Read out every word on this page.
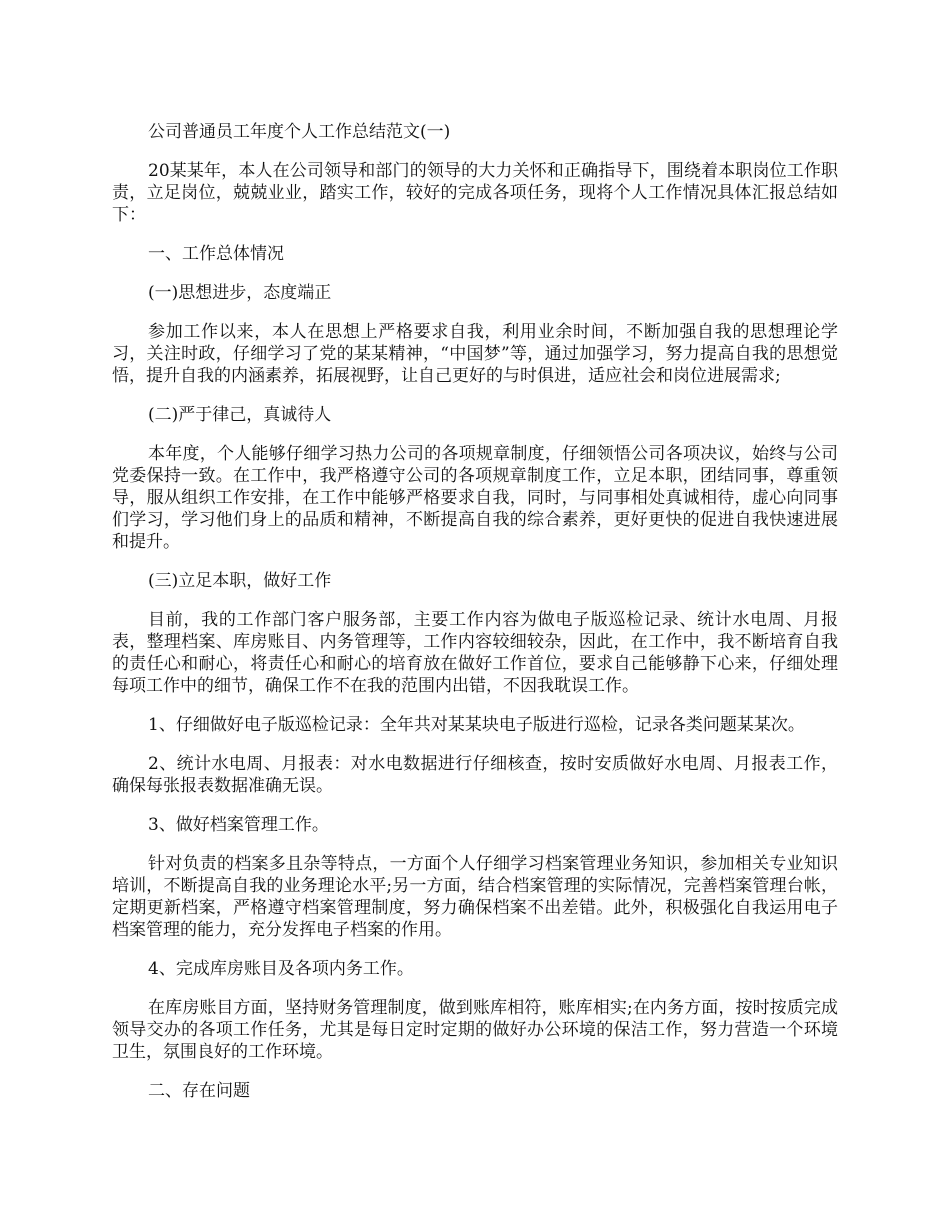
公司普通员工年度个人工作总结范文(一)

20某某年，本人在公司领导和部门的领导的大力关怀和正确指导下，围绕着本职岗位工作职责，立足岗位，兢兢业业，踏实工作，较好的完成各项任务，现将个人工作情况具体汇报总结如下：

一、工作总体情况

(一)思想进步，态度端正

参加工作以来，本人在思想上严格要求自我，利用业余时间，不断加强自我的思想理论学习，关注时政，仔细学习了党的某某精神，“中国梦”等，通过加强学习，努力提高自我的思想觉悟，提升自我的内涵素养，拓展视野，让自己更好的与时俱进，适应社会和岗位进展需求;

(二)严于律己，真诚待人

本年度，个人能够仔细学习热力公司的各项规章制度，仔细领悟公司各项决议，始终与公司党委保持一致。在工作中，我严格遵守公司的各项规章制度工作，立足本职，团结同事，尊重领导，服从组织工作安排，在工作中能够严格要求自我，同时，与同事相处真诚相待，虚心向同事们学习，学习他们身上的品质和精神，不断提高自我的综合素养，更好更快的促进自我快速进展和提升。

(三)立足本职，做好工作

目前，我的工作部门客户服务部，主要工作内容为做电子版巡检记录、统计水电周、月报表，整理档案、库房账目、内务管理等，工作内容较细较杂，因此，在工作中，我不断培育自我的责任心和耐心，将责任心和耐心的培育放在做好工作首位，要求自己能够静下心来，仔细处理每项工作中的细节，确保工作不在我的范围内出错，不因我耽误工作。

1、仔细做好电子版巡检记录：全年共对某某块电子版进行巡检，记录各类问题某某次。

2、统计水电周、月报表：对水电数据进行仔细核查，按时安质做好水电周、月报表工作，确保每张报表数据准确无误。

3、做好档案管理工作。

针对负责的档案多且杂等特点，一方面个人仔细学习档案管理业务知识，参加相关专业知识培训，不断提高自我的业务理论水平;另一方面，结合档案管理的实际情况，完善档案管理台帐，定期更新档案，严格遵守档案管理制度，努力确保档案不出差错。此外，积极强化自我运用电子档案管理的能力，充分发挥电子档案的作用。

4、完成库房账目及各项内务工作。

在库房账目方面，坚持财务管理制度，做到账库相符，账库相实;在内务方面，按时按质完成领导交办的各项工作任务，尤其是每日定时定期的做好办公环境的保洁工作，努力营造一个环境卫生，氛围良好的工作环境。

二、存在问题
